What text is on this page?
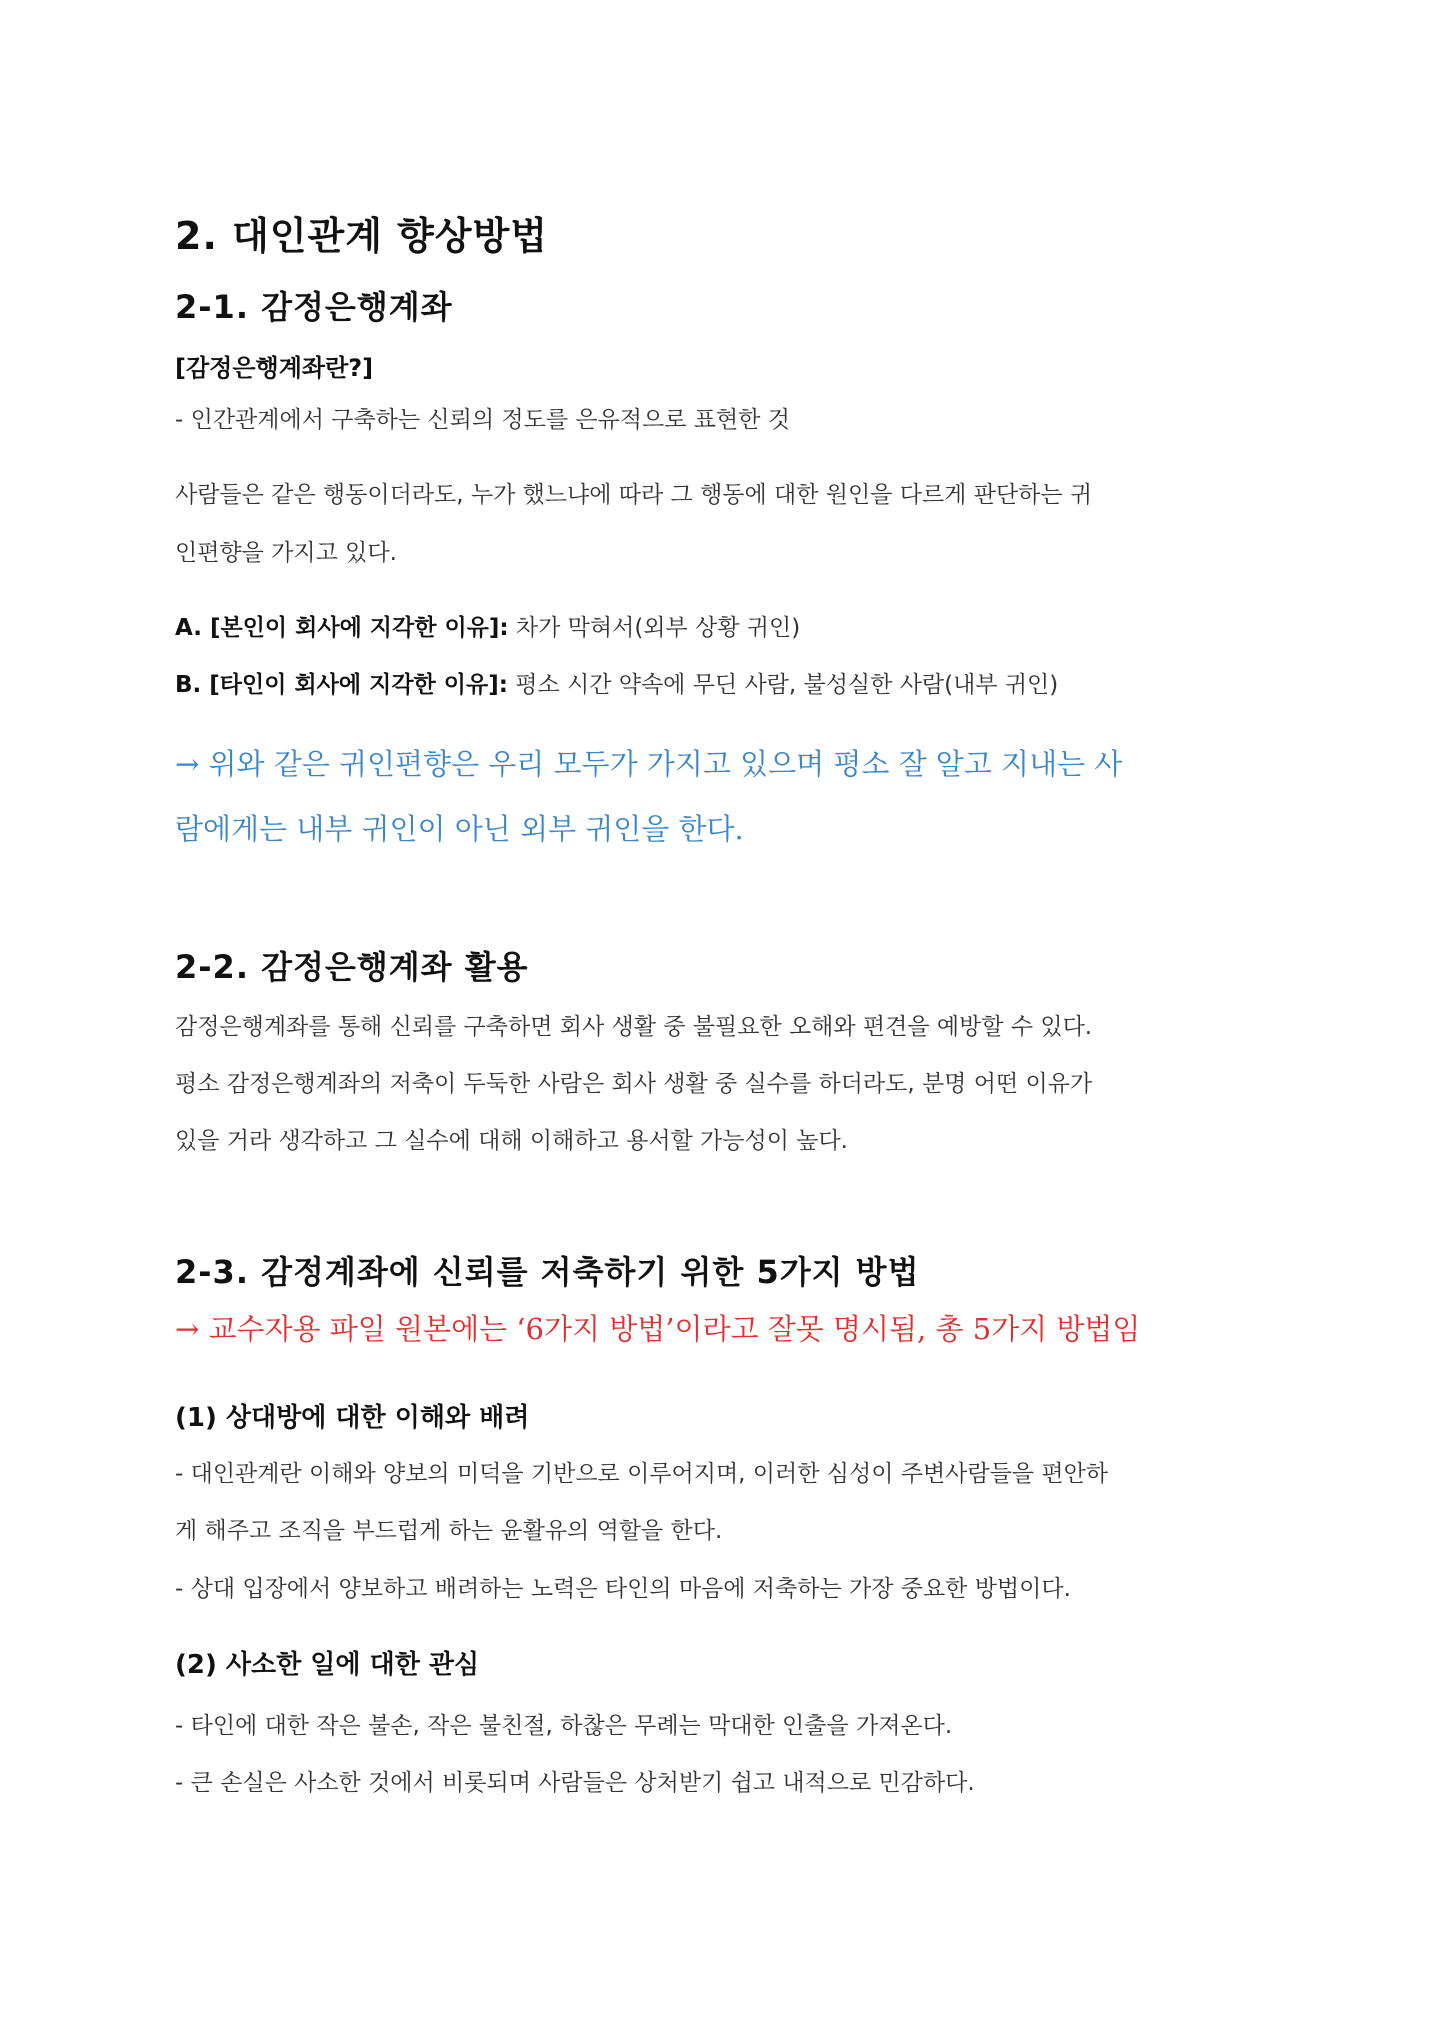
2. 대인관계 향상방법
2-1. 감정은행계좌
[감정은행계좌란?]
- 인간관계에서 구축하는 신뢰의 정도를 은유적으로 표현한 것
사람들은 같은 행동이더라도, 누가 했느냐에 따라 그 행동에 대한 원인을 다르게 판단하는 귀
인편향을 가지고 있다.
A. [본인이 회사에 지각한 이유]: 차가 막혀서(외부 상황 귀인)
B. [타인이 회사에 지각한 이유]: 평소 시간 약속에 무딘 사람, 불성실한 사람(내부 귀인)
→ 위와 같은 귀인편향은 우리 모두가 가지고 있으며 평소 잘 알고 지내는 사
람에게는 내부 귀인이 아닌 외부 귀인을 한다.
2-2. 감정은행계좌 활용
감정은행계좌를 통해 신뢰를 구축하면 회사 생활 중 불필요한 오해와 편견을 예방할 수 있다.
평소 감정은행계좌의 저축이 두둑한 사람은 회사 생활 중 실수를 하더라도, 분명 어떤 이유가
있을 거라 생각하고 그 실수에 대해 이해하고 용서할 가능성이 높다.
2-3. 감정계좌에 신뢰를 저축하기 위한 5가지 방법
→ 교수자용 파일 원본에는 ‘6가지 방법’이라고 잘못 명시됨, 총 5가지 방법임
(1) 상대방에 대한 이해와 배려
- 대인관계란 이해와 양보의 미덕을 기반으로 이루어지며, 이러한 심성이 주변사람들을 편안하
게 해주고 조직을 부드럽게 하는 윤활유의 역할을 한다.
- 상대 입장에서 양보하고 배려하는 노력은 타인의 마음에 저축하는 가장 중요한 방법이다.
(2) 사소한 일에 대한 관심
- 타인에 대한 작은 불손, 작은 불친절, 하찮은 무례는 막대한 인출을 가져온다.
- 큰 손실은 사소한 것에서 비롯되며 사람들은 상처받기 쉽고 내적으로 민감하다.
